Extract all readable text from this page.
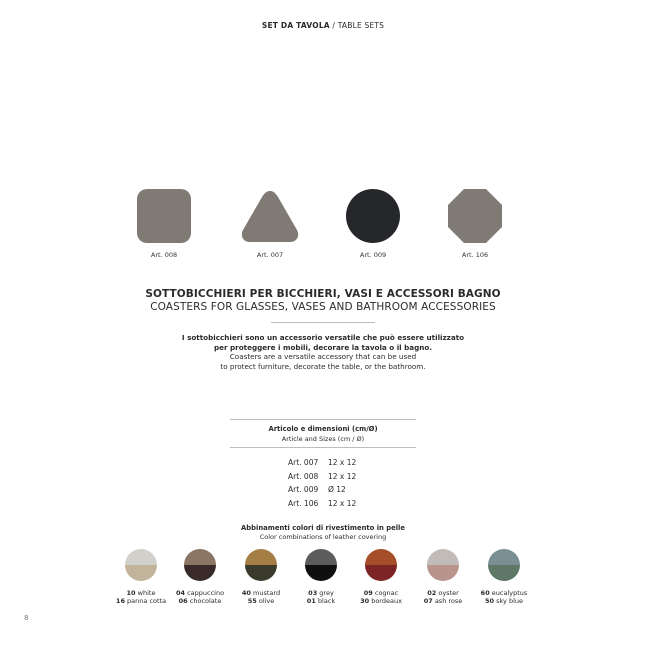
SET DA TAVOLA / TABLE SETS
Art. 008	Art. 007	Art. 009	Art. 106
SOTTOBICCHIERI PER BICCHIERI, VASI E ACCESSORI BAGNO
COASTERS FOR GLASSES, VASES AND BATHROOM ACCESSORIES
I sottobicchieri sono un accessorio versatile che può essere utilizzato
per proteggere i mobili, decorare la tavola o il bagno.
Coasters are a versatile accessory that can be used
to protect furniture, decorate the table, or the bathroom.
Articolo e dimensioni (cm/Ø)
Article and Sizes (cm / Ø)
Art. 007 12 x 12
Art. 008 12 x 12
Art. 009 Ø 12
Art. 106 12 x 12
Abbinamenti colori di rivestimento in pelle
Color combinations of leather covering
10 white
16 panna cotta
04 cappuccino
06 chocolate
40 mustard
55 olive
03 grey
01 black
09 cognac
30 bordeaux
02 oyster
07 ash rose
60 eucalyptus
50 sky blue
8
